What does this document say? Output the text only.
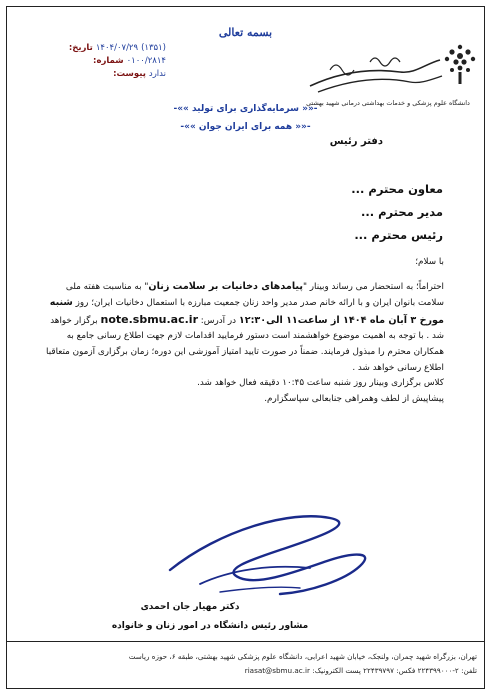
بسمه تعالی
تاریخ: ۱۴۰۴/۰۷/۲۹ (۱۳۵۱)
شماره: ۰۱۰۰/۲۸۱۴
پیوست: ندارد
دانشگاه علوم پزشکی و خدمات بهداشتی درمانی شهید بهشتی
-«« سرمایه‌گذاری برای تولید »»-
-«« همه برای ایران جوان »»-
دفتر رئیس
معاون محترم ...
مدیر محترم ...
رئیس محترم ...

با سلام؛

احتراماً؛ به استحضار می رساند وبینار "پیامدهای دخانیات بر سلامت زنان" به مناسبت هفته ملی سلامت بانوان ایران و با ارائه خانم صدر مدیر واحد زنان جمعیت مبارزه با استعمال دخانیات ایران؛ روز شنبه مورخ ۳ آبان ماه ۱۴۰۴ از ساعت۱۱ الی۱۲:۳۰ در آدرس: note.sbmu.ac.ir برگزار خواهد شد . با توجه به اهمیت موضوع خواهشمند است دستور فرمایید اقدامات لازم جهت اطلاع رسانی جامع به همکاران محترم را مبذول فرمایند. ضمناً در صورت تایید امتیاز آموزشی این دوره؛ زمان برگزاری آزمون متعاقبا اطلاع رسانی خواهد شد .

کلاس برگزاری وبینار روز شنبه ساعت ۱۰:۴۵ دقیقه فعال خواهد شد.

پیشاپیش از لطف وهمراهی جنابعالی سپاسگزارم.

دکتر مهیار جان احمدی
مشاور رئیس دانشگاه در امور زنان و خانواده
تهران، بزرگراه شهید چمران، ولنجک، خیابان شهید اعرابی، دانشگاه علوم پزشکی شهید بهشتی، طبقه ۶، حوزه ریاست
تلفن: ۲-۲۲۴۳۹۹۰۰۰ فکس: ۲۲۴۳۹۷۹۷ پست الکترونیک: riasat@sbmu.ac.ir
